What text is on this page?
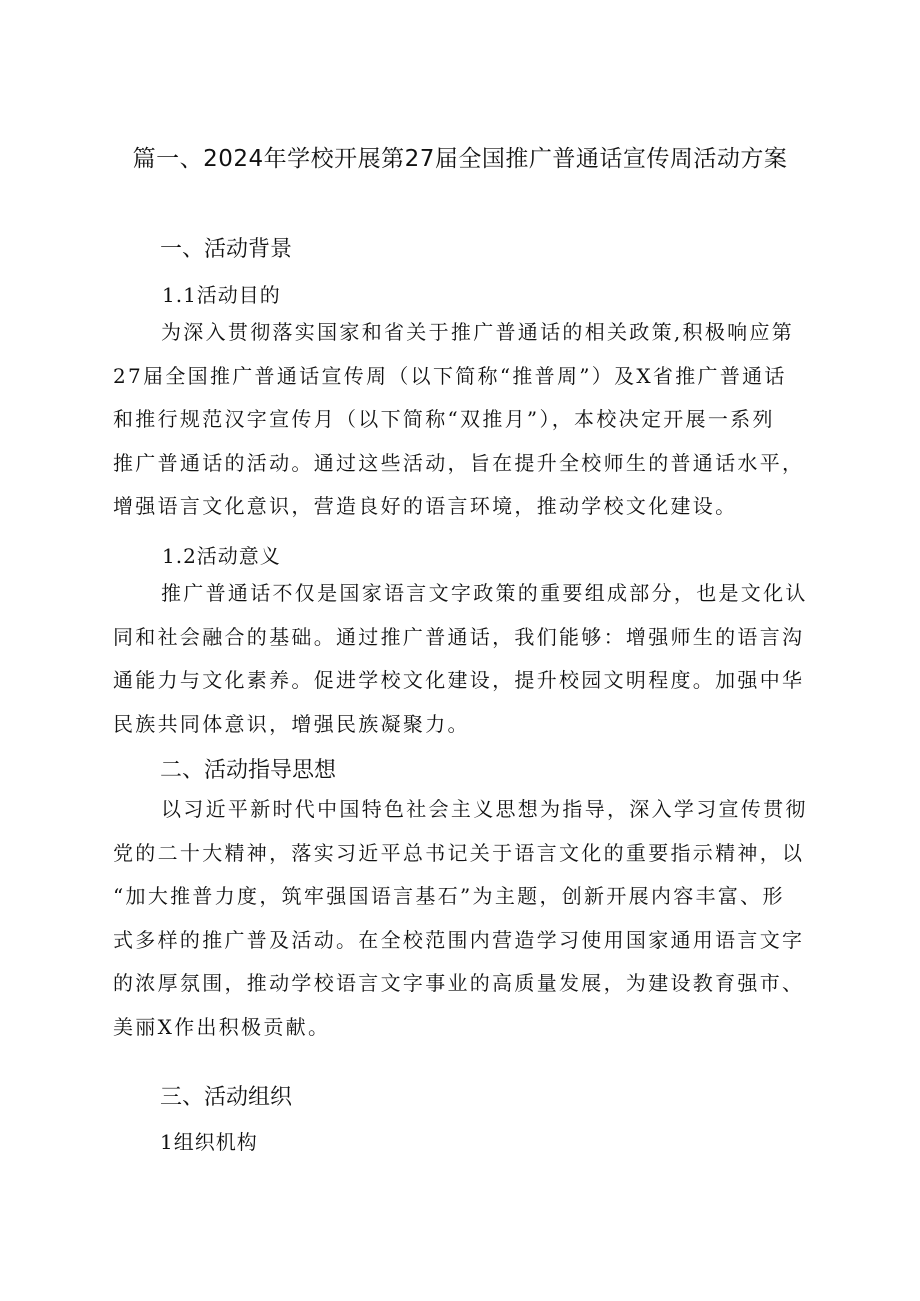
篇一、2024年学校开展第27届全国推广普通话宣传周活动方案
一、活动背景

1.1活动目的

为深入贯彻落实国家和省关于推广普通话的相关政策,积极响应第
27届全国推广普通话宣传周（以下简称“推普周”）及X省推广普通话
和推行规范汉字宣传月（以下简称“双推月”），本校决定开展一系列
推广普通话的活动。通过这些活动，旨在提升全校师生的普通话水平，
增强语言文化意识，营造良好的语言环境，推动学校文化建设。

1.2活动意义

推广普通话不仅是国家语言文字政策的重要组成部分，也是文化认
同和社会融合的基础。通过推广普通话，我们能够：增强师生的语言沟
通能力与文化素养。促进学校文化建设，提升校园文明程度。加强中华
民族共同体意识，增强民族凝聚力。

二、活动指导思想

以习近平新时代中国特色社会主义思想为指导，深入学习宣传贯彻
党的二十大精神，落实习近平总书记关于语言文化的重要指示精神，以
“加大推普力度，筑牢强国语言基石”为主题，创新开展内容丰富、形
式多样的推广普及活动。在全校范围内营造学习使用国家通用语言文字
的浓厚氛围，推动学校语言文字事业的高质量发展，为建设教育强市、
美丽X作出积极贡献。

三、活动组织

1组织机构
